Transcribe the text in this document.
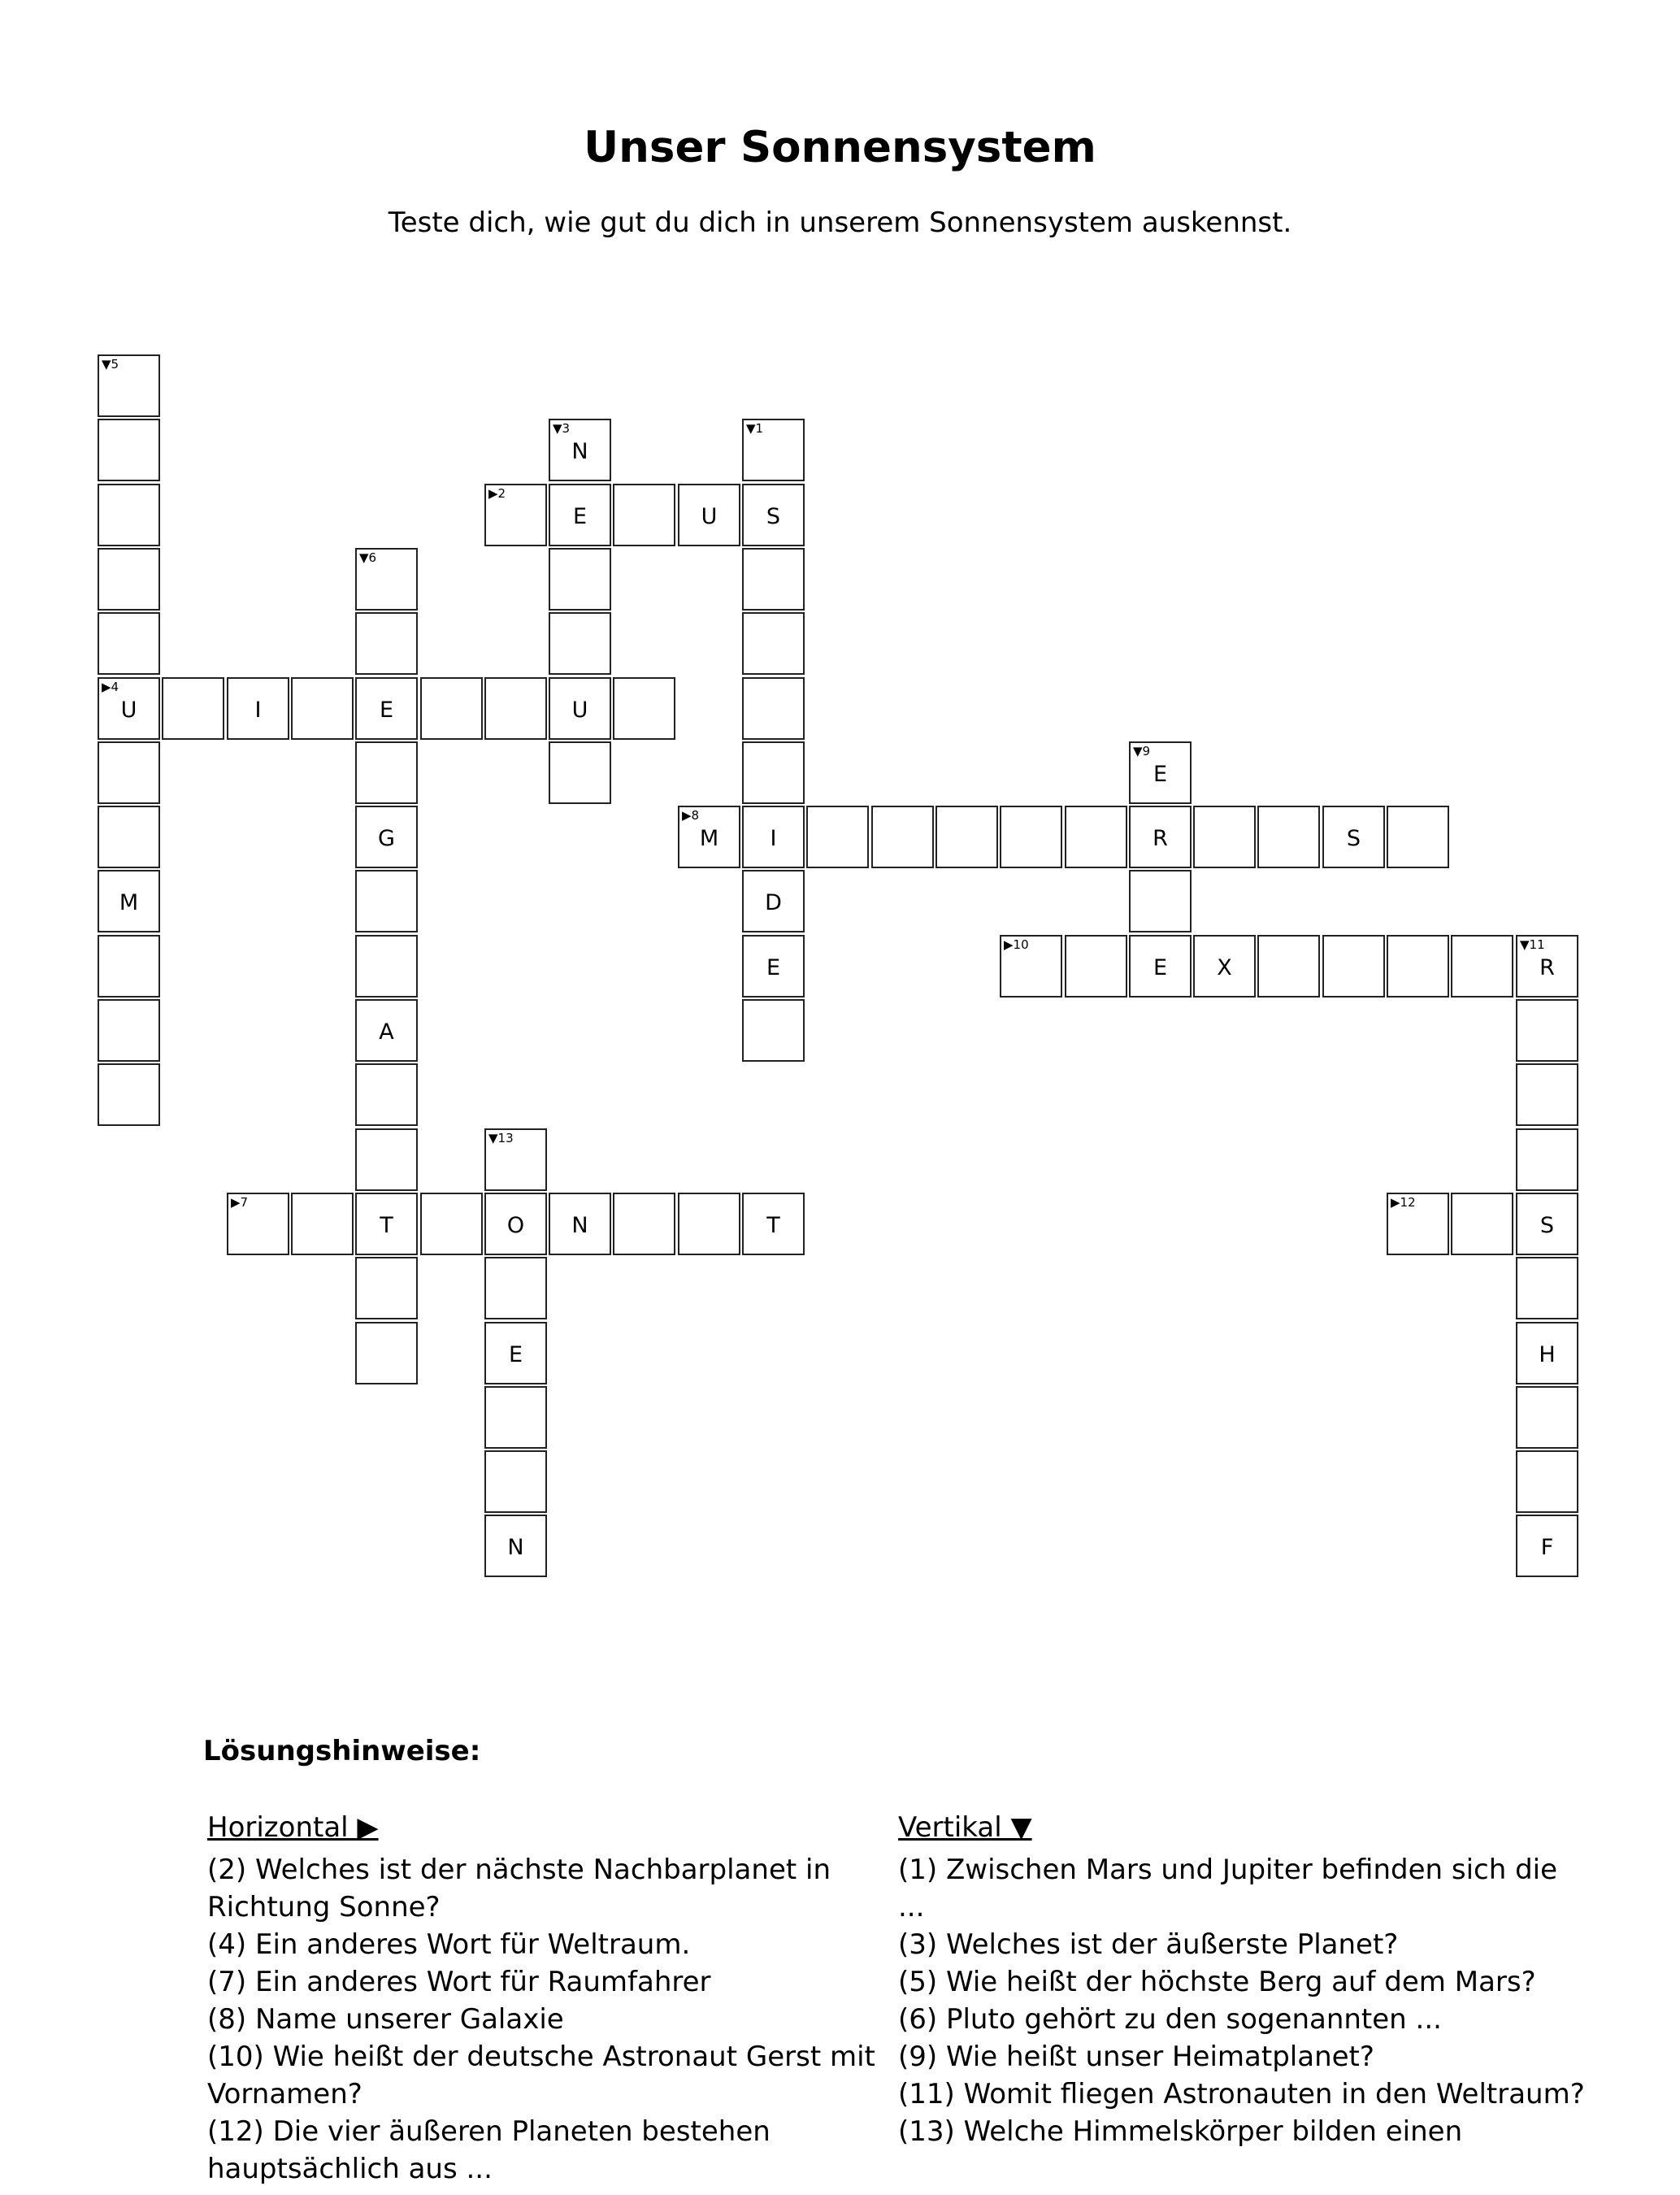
Unser Sonnensystem
Teste dich, wie gut du dich in unserem Sonnensystem auskennst.
▼5
▶4
U
M
I	E	U
▼6
G
A
T
▼3
N
E
▶2
U	S
▼1
I
D
E
▶8
M	R	S
▼9
E
E
▶10
X
▼11
R
S
H
F
▶12
▶7
O	N	T
▼13
E
N
Lösungshinweise:
Horizontal ▶
(2) Welches ist der nächste Nachbarplanet in Richtung Sonne?
(4) Ein anderes Wort für Weltraum.
(7) Ein anderes Wort für Raumfahrer
(8) Name unserer Galaxie
(10) Wie heißt der deutsche Astronaut Gerst mit Vornamen?
(12) Die vier äußeren Planeten bestehen hauptsächlich aus ...
Vertikal ▼
(1) Zwischen Mars und Jupiter befinden sich die ...
(3) Welches ist der äußerste Planet?
(5) Wie heißt der höchste Berg auf dem Mars?
(6) Pluto gehört zu den sogenannten ...
(9) Wie heißt unser Heimatplanet?
(11) Womit fliegen Astronauten in den Weltraum?
(13) Welche Himmelskörper bilden einen
